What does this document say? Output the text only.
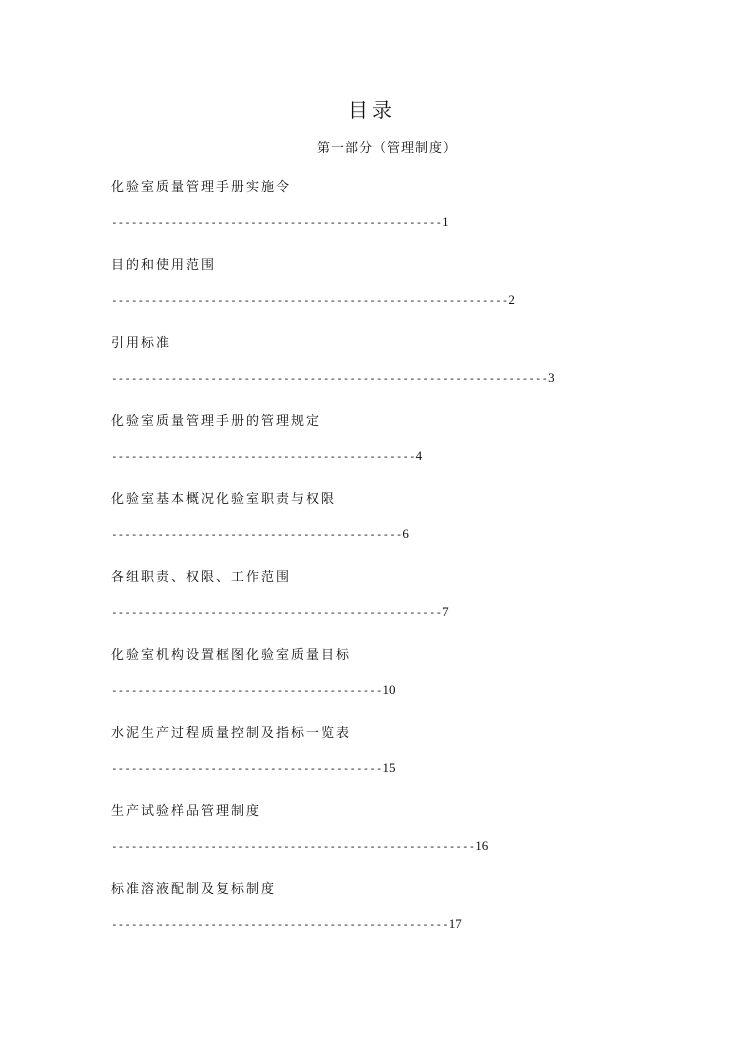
目录
第一部分（管理制度）
化验室质量管理手册实施令
--------------------------------------------------1
目的和使用范围
------------------------------------------------------------2
引用标准
------------------------------------------------------------------3
化验室质量管理手册的管理规定
----------------------------------------------4
化验室基本概况化验室职责与权限
--------------------------------------------6
各组职责、权限、工作范围
--------------------------------------------------7
化验室机构设置框图化验室质量目标
-----------------------------------------10
水泥生产过程质量控制及指标一览表
-----------------------------------------15
生产试验样品管理制度
-------------------------------------------------------16
标准溶液配制及复标制度
---------------------------------------------------17
